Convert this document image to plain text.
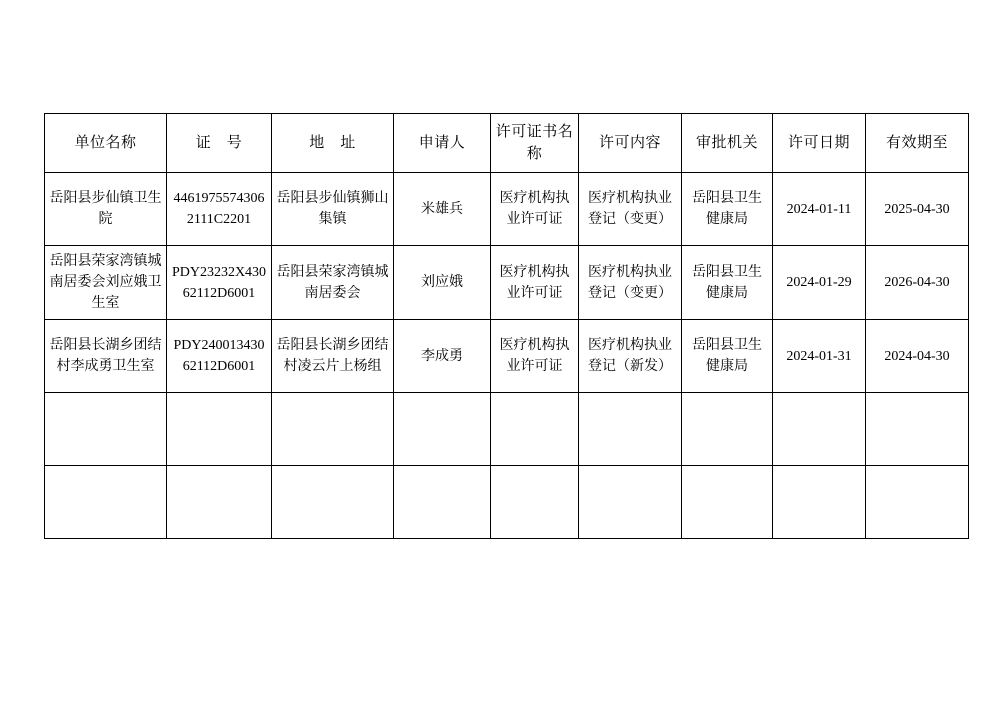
单位名称	证　号	地　址	申请人	许可证书名称	许可内容	审批机关	许可日期	有效期至
岳阳县步仙镇卫生院	44619755743062111C2201	岳阳县步仙镇狮山集镇	米雄兵	医疗机构执业许可证	医疗机构执业登记（变更）	岳阳县卫生健康局	2024-01-11	2025-04-30
岳阳县荣家湾镇城南居委会刘应娥卫生室	PDY23232X43062112D6001	岳阳县荣家湾镇城南居委会	刘应娥	医疗机构执业许可证	医疗机构执业登记（变更）	岳阳县卫生健康局	2024-01-29	2026-04-30
岳阳县长湖乡团结村李成勇卫生室	PDY24001343062112D6001	岳阳县长湖乡团结村凌云片上杨组	李成勇	医疗机构执业许可证	医疗机构执业登记（新发）	岳阳县卫生健康局	2024-01-31	2024-04-30
